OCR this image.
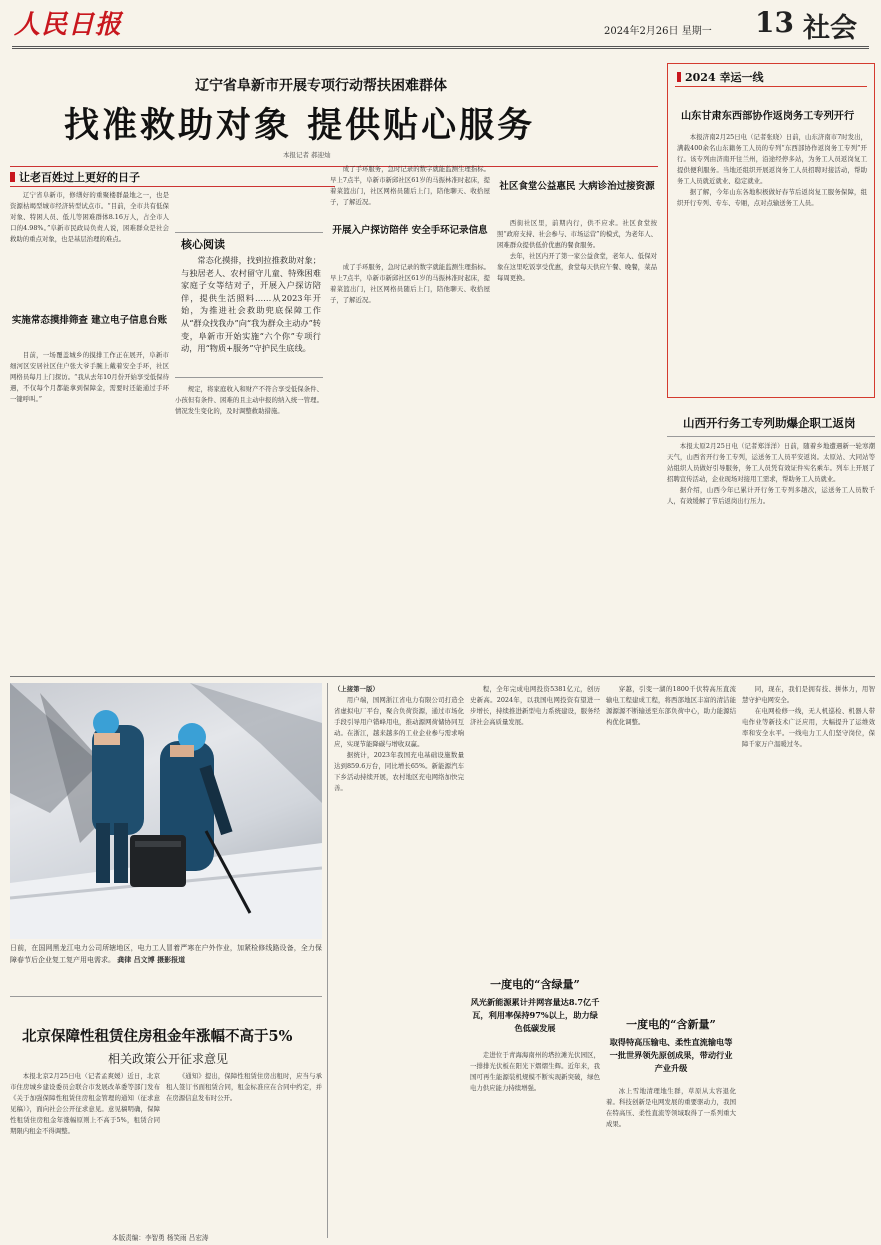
人民日报	2024年2月26日 星期一 13 社会
辽宁省阜新市开展专项行动帮扶困难群体
找准救助对象 提供贴心服务
本报记者 郝迎灿
让老百姓过上更好的日子

辽宁省阜新市，修缮好的重聚楼群最地之一，也是资源枯竭型城市经济转型试点市。“目前，全市共有低保对象、特困人员、低儿等困难群体8.16万人，占全市人口的4.98%。”阜新市民政局负责人说，困难群众是社会救助的重点对象，也是基层治理的难点。

实施常态摸排筛查 建立电子信息台账

目前，一场覆盖城乡的摸排工作正在展开，阜新市细河区安居社区住户张大爷手腕上戴着安全手环，社区网格员每月上门探访。“我从去年10月份开始享受低保待遇，不仅每个月都能拿到保障金，需要时还能通过手环一键呼叫。”

核心阅读
常态化摸排，找到拉推救助对象；与独居老人、农村留守儿童、特殊困难家庭子女等结对子，开展入户探访陪伴，提供生活照料……从2023年开始，为推进社会救助兜底保障工作从“群众找我办”向“我为群众主动办”转变，阜新市开始实施“六个你”专项行动，用“物质+服务”守护民生底线。

规定，将家庭收入和财产不符合享受低保条件、小孩但有条件、困难的且主动申报的纳入统一管理。情况发生变化的，及时调整救助措施。

成了手环服务，急时记录的数字就能监测生理指标。早上7点半，阜新市新邱社区61岁的马振林准时起床，提着菜篮出门，社区网格员随后上门，陪他聊天、收拾屋子，了解近况。

开展入户探访陪伴 安全手环记录信息

成了手环服务，急时记录的数字就能监测生理指标。早上7点半，阜新市新邱社区61岁的马振林准时起床，提着菜篮出门，社区网格员随后上门，陪他聊天、收拾屋子，了解近况。

社区食堂公益惠民 大病诊治过接资源

西街社区里，前期内行，供不应求。社区食堂按照“政府支持、社会参与、市场运营”的模式，为老年人、困难群众提供低价优惠的餐食服务。

去年，社区内开了第一家公益食堂，老年人、低保对象在这里吃饭享受优惠，食堂每天供应午餐、晚餐，菜品每周更换。

2024 幸运一线
山东甘肃东西部协作返岗务工专列开行

本报济南2月25日电（记者张晓）日前，山东济南市7时发出，满载400余名山东籍务工人员的专列“东西部协作返岗务工专列”开行。该专列由济南开往兰州，沿途经停多站，为务工人员返岗复工提供便利服务。当地还组织开展返岗务工人员招聘对接活动，帮助务工人员就近就业、稳定就业。

据了解，今年山东各地积极做好春节后返岗复工服务保障，组织开行专列、专车、专厢，点对点输送务工人员。

山西开行务工专列助爆企职工返岗

本报太原2月25日电（记者郑洋洋）日前，随着乡地遭遇新一轮寒潮天气，山西省开行务工专列，运送务工人员平安返岗。太原站、大同站等站组织人员做好引导服务，务工人员凭有效证件实名乘车。列车上开展了招聘宣传活动，企业现场对接用工需求，帮助务工人员就业。

据介绍，山西今年已累计开行务工专列多趟次，运送务工人员数千人，有效缓解了节后返岗出行压力。

日前，在国网黑龙江电力公司所辖地区，电力工人冒着严寒在户外作业，加紧检修线路设备，全力保障春节后企业复工复产用电需求。 龚律 吕文博 摄影报道
北京保障性租赁住房租金年涨幅不高于5%
相关政策公开征求意见

本报北京2月25日电（记者孟爽媛）近日，北京市住房城乡建设委员会联合市发展改革委等部门发布《关于加强保障性租赁住房租金管理的通知（征求意见稿）》，面向社会公开征求意见。意见稿明确，保障性租赁住房租金年涨幅原则上不高于5%，租赁合同期限内租金不得调整。

《通知》提出，保障性租赁住房出租时，应当与承租人签订书面租赁合同，租金标准应在合同中约定，并在房源信息发布时公开。

本版责编：李智勇 杨笑雨 吕宏涛

（上接第一版）

用户端，国网浙江省电力有限公司打造全省虚拟电厂平台，聚合负荷资源，通过市场化手段引导用户错峰用电，推动源网荷储协同互动。在浙江，越来越多的工业企业参与需求响应，实现节能降碳与增收双赢。

据统计，2023年我国充电基础设施数量达到859.6万台，同比增长65%。新能源汽车下乡活动持续开展，农村地区充电网络加快完善。

程，全年完成电网投资5381亿元，创历史新高。2024年，以我国电网投资有望进一步增长，持续推进新型电力系统建设，服务经济社会高质量发展。

一度电的“含绿量”
风光新能源累计并网容量达8.7亿千瓦，利用率保持97%以上，助力绿色低碳发展

走进位于青海海南州的塔拉滩光伏园区，一排排光伏板在阳光下熠熠生辉。近年来，我国可再生能源装机规模不断实现新突破，绿色电力供应能力持续增强。

穿越，引变一湖的1800千伏特高压直流输电工程建成工程，将西部地区丰富的清洁能源源源不断输送至东部负荷中心，助力能源结构优化调整。

一度电的“含新量”
取得特高压输电、柔性直流输电等一批世界领先原创成果，带动行业产业升级

冰上雪地清理地生群，草原从太容退化着。科技创新是电网发展的重要驱动力，我国在特高压、柔性直流等领域取得了一系列重大成果。

同，现在，我们是拥有技、拼体力，用智慧守护电网安全。

在电网检修一线，无人机巡检、机器人带电作业等新技术广泛应用，大幅提升了运维效率和安全水平。一线电力工人们坚守岗位，保障千家万户温暖过冬。
